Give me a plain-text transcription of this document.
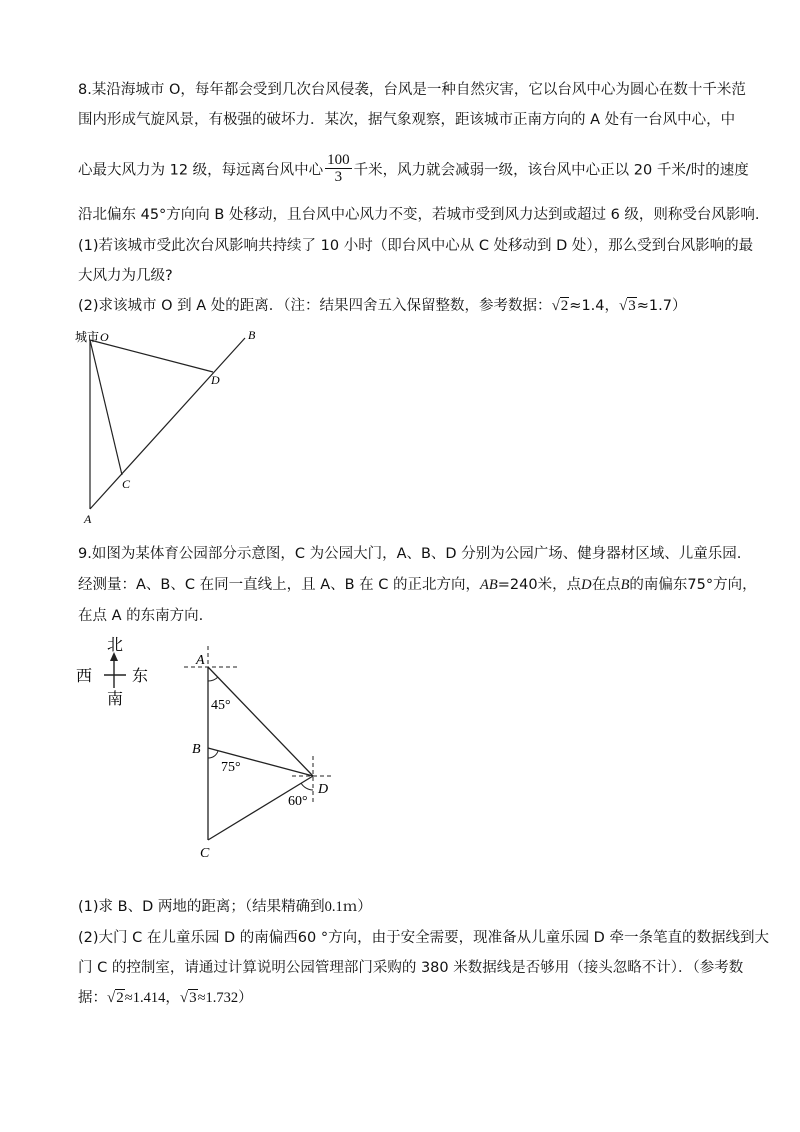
8.某沿海城市 O，每年都会受到几次台风侵袭，台风是一种自然灾害，它以台风中心为圆心在数十千米范
围内形成气旋风景，有极强的破坏力．某次，据气象观察，距该城市正南方向的 A 处有一台风中心，中
心最大风力为 12 级，每远离台风中心 $\frac{100}{3}$ 千米，风力就会减弱一级，该台风中心正以 20 千米/时的速度
沿北偏东 45°方向向 B 处移动，且台风中心风力不变，若城市受到风力达到或超过 6 级，则称受台风影响.
(1)若该城市受此次台风影响共持续了 10 小时（即台风中心从 C 处移动到 D 处），那么受到台风影响的最
大风力为几级?
(2)求该城市 O 到 A 处的距离．（注：结果四舍五入保留整数，参考数据：√2≈1.4，√3≈1.7）
城市 O	B
D
C
A
9.如图为某体育公园部分示意图，C 为公园大门，A、B、D 分别为公园广场、健身器材区域、儿童乐园.
经测量：A、B、C 在同一直线上，且 A、B 在 C 的正北方向，AB=240米，点D在点B的南偏东75°方向，
在点 A 的东南方向.
北
西 东
南
A
B
C
D
45°
75°
60°
(1)求 B、D 两地的距离；（结果精确到0.1ｍ）
(2)大门 C 在儿童乐园 D 的南偏西60 °方向，由于安全需要，现准备从儿童乐园 D 牵一条笔直的数据线到大
门 C 的控制室，请通过计算说明公园管理部门采购的 380 米数据线是否够用（接头忽略不计）．（参考数
据：√2≈1.414，√3≈1.732）
